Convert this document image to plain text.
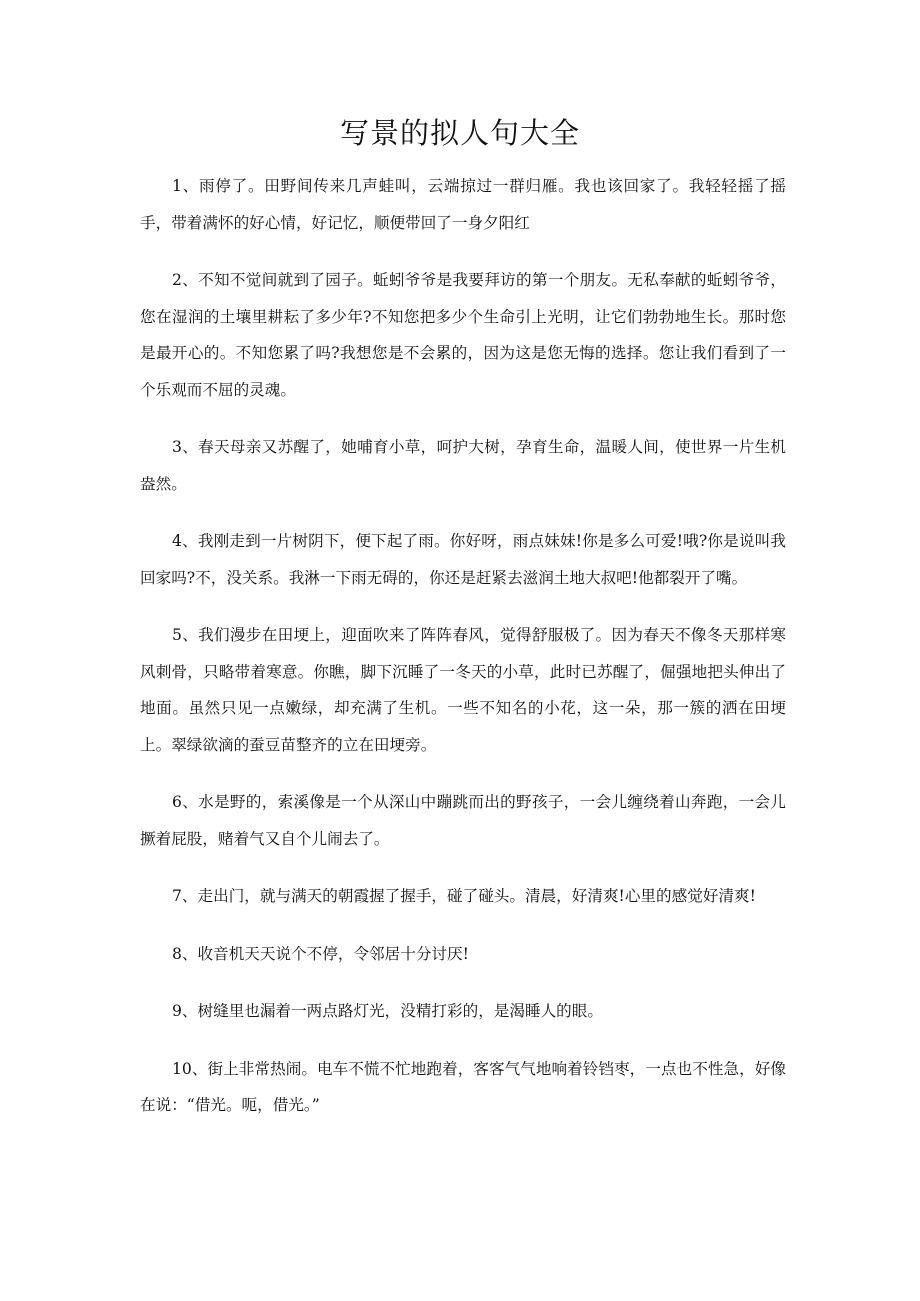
写景的拟人句大全

1、雨停了。田野间传来几声蛙叫，云端掠过一群归雁。我也该回家了。我轻轻摇了摇手，带着满怀的好心情，好记忆，顺便带回了一身夕阳红

2、不知不觉间就到了园子。蚯蚓爷爷是我要拜访的第一个朋友。无私奉献的蚯蚓爷爷，您在湿润的土壤里耕耘了多少年?不知您把多少个生命引上光明，让它们勃勃地生长。那时您是最开心的。不知您累了吗?我想您是不会累的，因为这是您无悔的选择。您让我们看到了一个乐观而不屈的灵魂。

3、春天母亲又苏醒了，她哺育小草，呵护大树，孕育生命，温暖人间，使世界一片生机盎然。

4、我刚走到一片树阴下，便下起了雨。你好呀，雨点妹妹!你是多么可爱!哦?你是说叫我回家吗?不，没关系。我淋一下雨无碍的，你还是赶紧去滋润土地大叔吧!他都裂开了嘴。

5、我们漫步在田埂上，迎面吹来了阵阵春风，觉得舒服极了。因为春天不像冬天那样寒风刺骨，只略带着寒意。你瞧，脚下沉睡了一冬天的小草，此时已苏醒了，倔强地把头伸出了地面。虽然只见一点嫩绿，却充满了生机。一些不知名的小花，这一朵，那一簇的洒在田埂上。翠绿欲滴的蚕豆苗整齐的立在田埂旁。

6、水是野的，索溪像是一个从深山中蹦跳而出的野孩子，一会儿缠绕着山奔跑，一会儿撅着屁股，赌着气又自个儿闹去了。

7、走出门，就与满天的朝霞握了握手，碰了碰头。清晨，好清爽!心里的感觉好清爽!

8、收音机天天说个不停，令邻居十分讨厌!

9、树缝里也漏着一两点路灯光，没精打彩的，是渴睡人的眼。

10、街上非常热闹。电车不慌不忙地跑着，客客气气地响着铃铛枣，一点也不性急，好像在说：“借光。呃，借光。”
